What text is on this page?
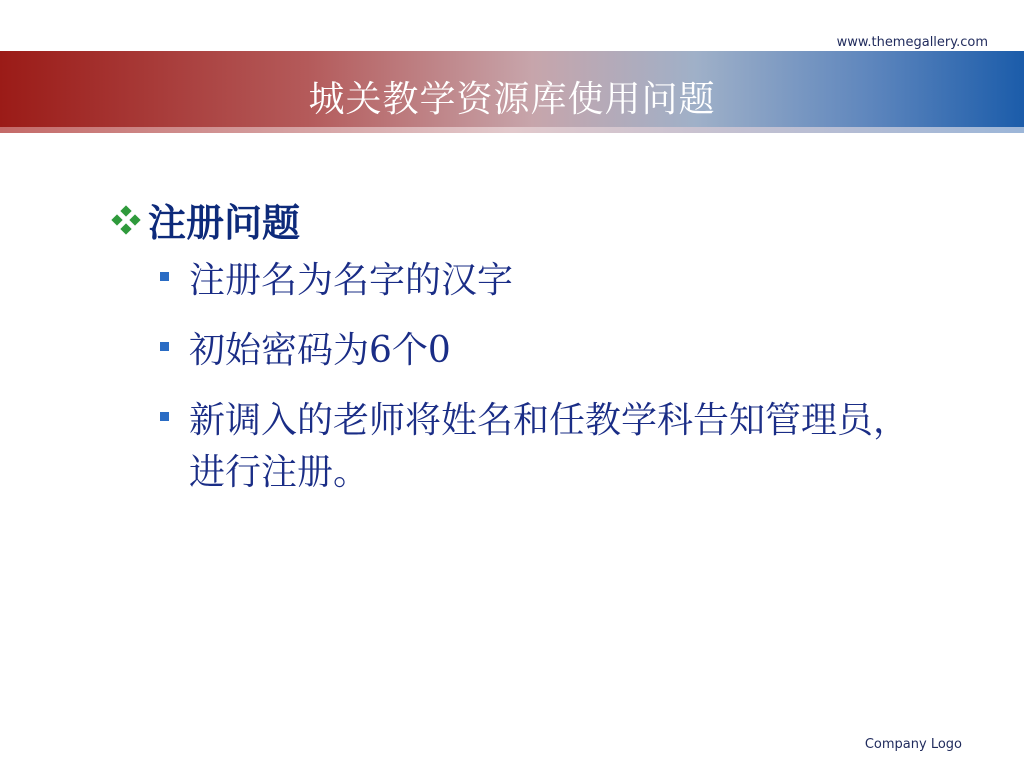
www.themegallery.com
城关教学资源库使用问题
注册问题
注册名为名字的汉字
初始密码为6个0
新调入的老师将姓名和任教学科告知管理员，进行注册。
Company Logo
